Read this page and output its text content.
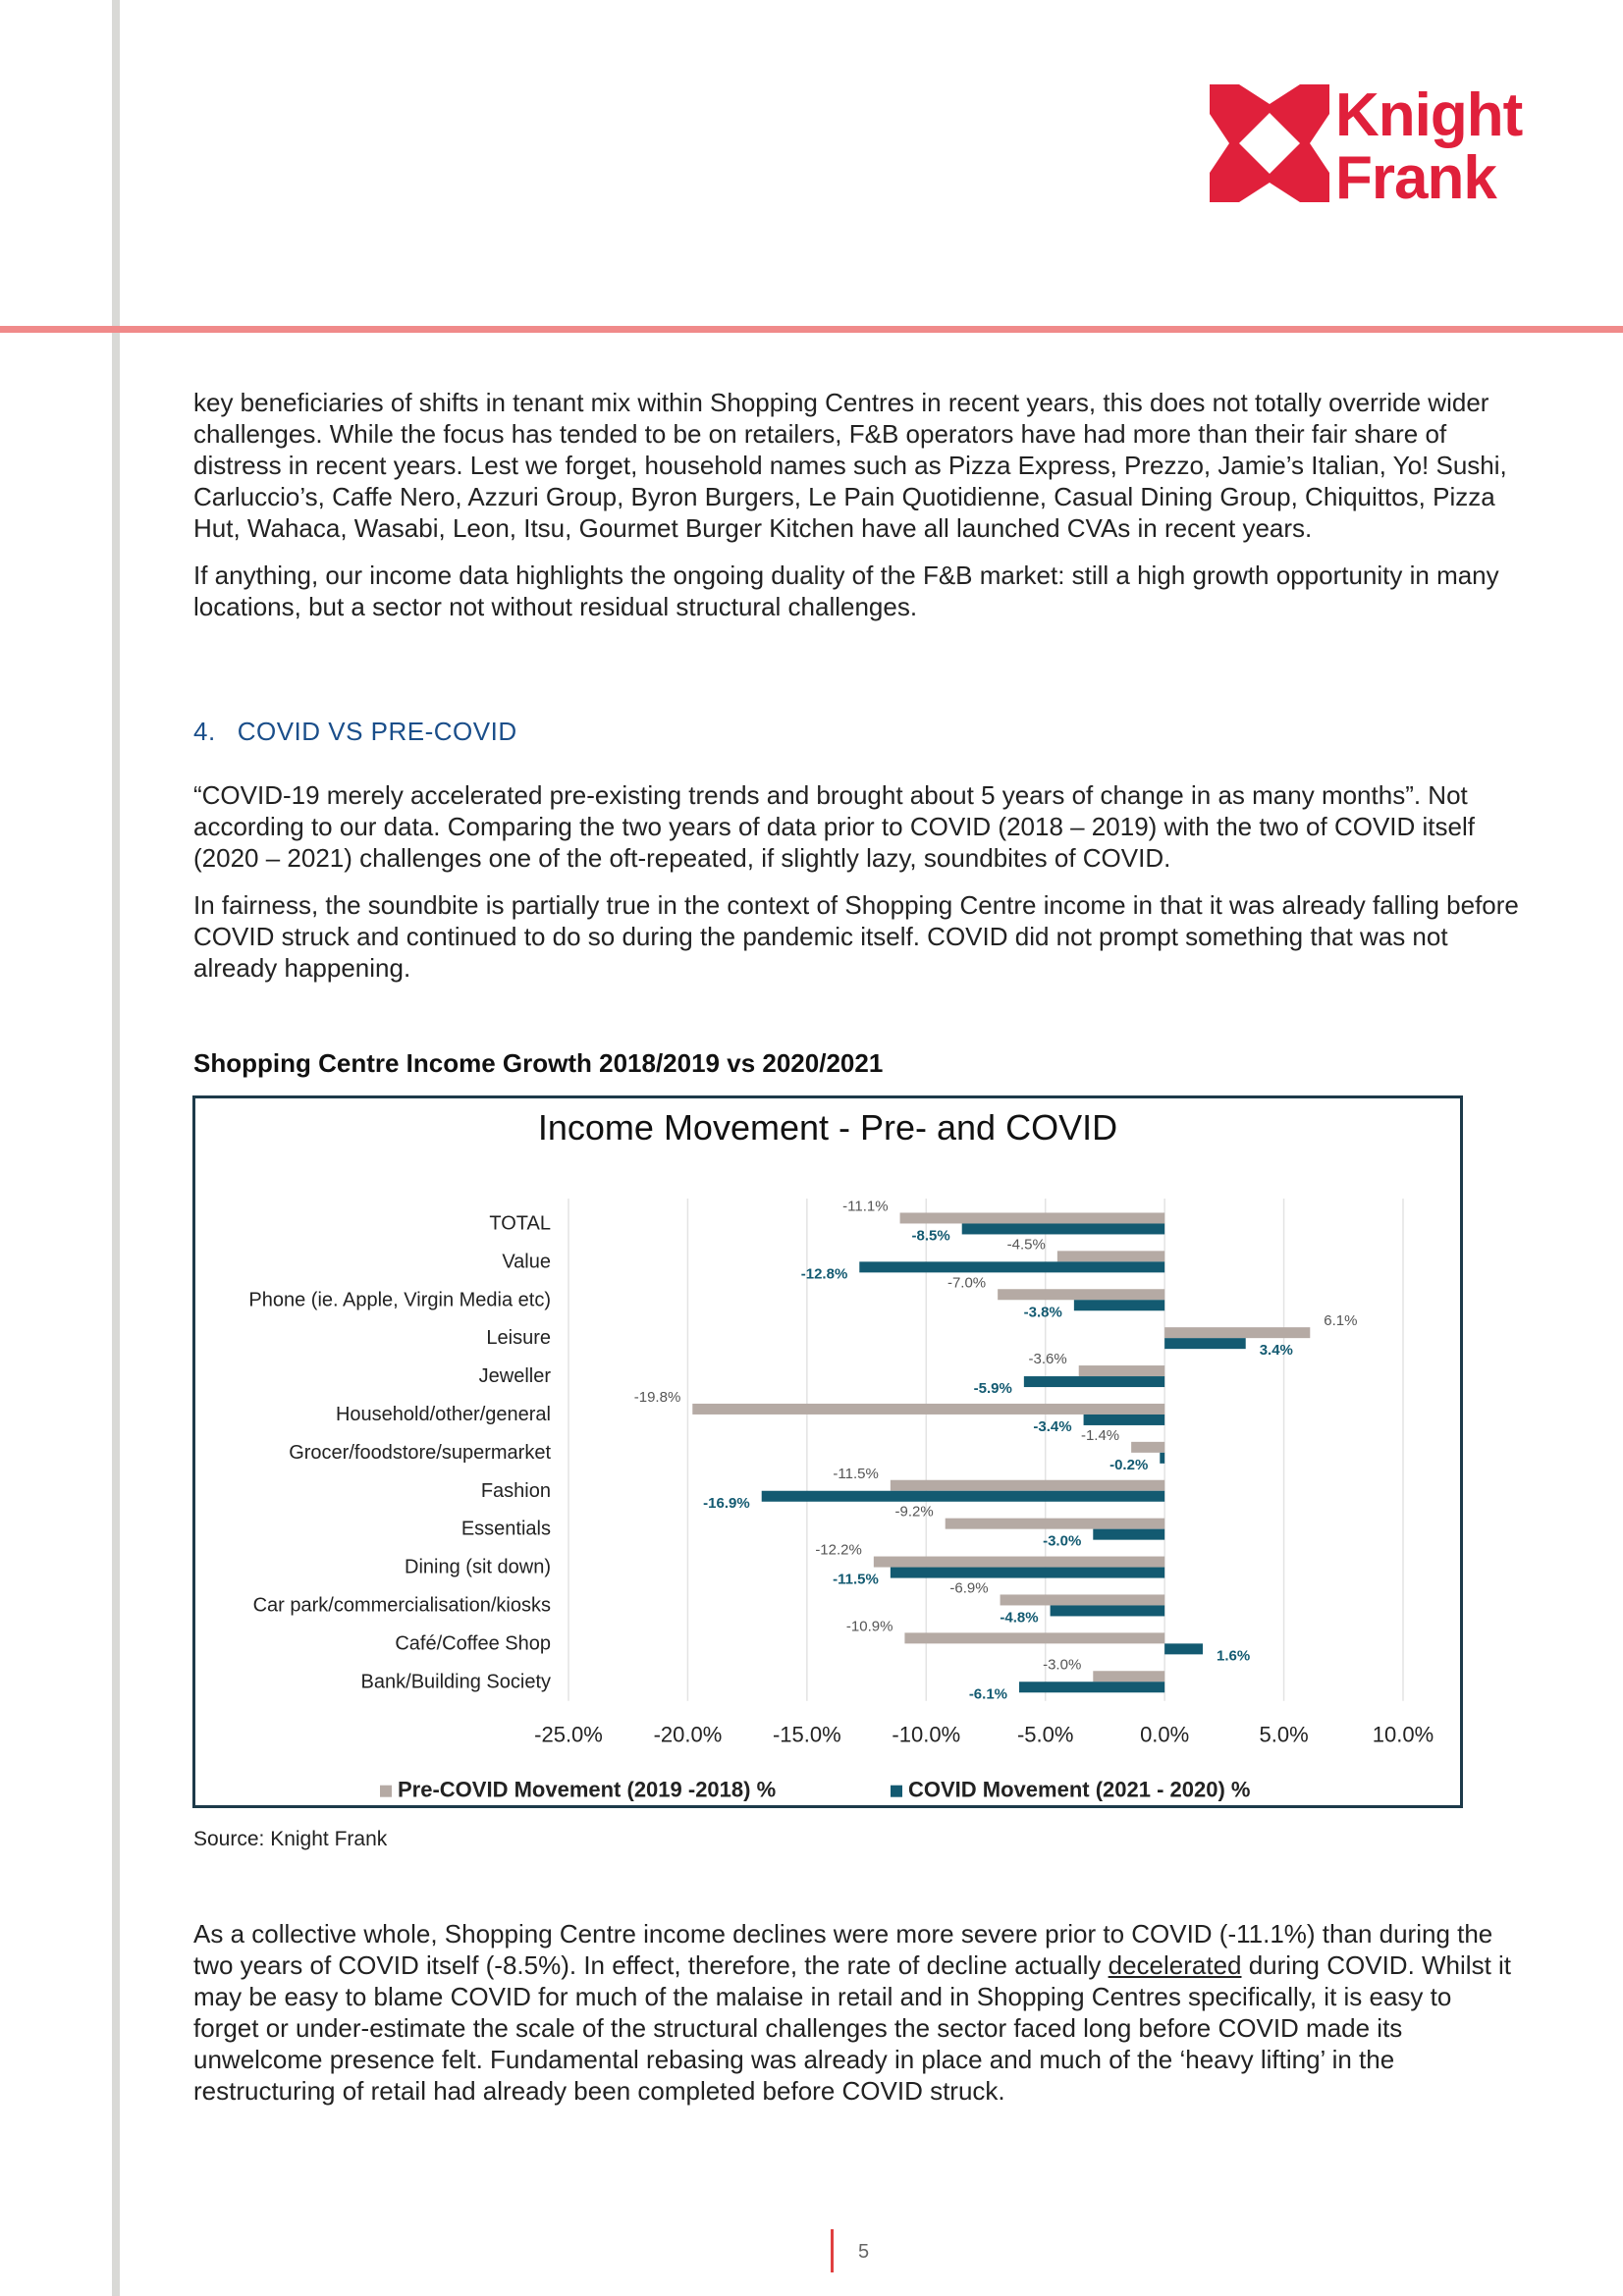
Knight
Frank

key beneficiaries of shifts in tenant mix within Shopping Centres in recent years, this does not totally override wider challenges. While the focus has tended to be on retailers, F&B operators have had more than their fair share of distress in recent years. Lest we forget, household names such as Pizza Express, Prezzo, Jamie’s Italian, Yo! Sushi, Carluccio’s, Caffe Nero, Azzuri Group, Byron Burgers, Le Pain Quotidienne, Casual Dining Group, Chiquittos, Pizza Hut, Wahaca, Wasabi, Leon, Itsu, Gourmet Burger Kitchen have all launched CVAs in recent years.

If anything, our income data highlights the ongoing duality of the F&B market: still a high growth opportunity in many locations, but a sector not without residual structural challenges.

4. COVID VS PRE-COVID

“COVID-19 merely accelerated pre-existing trends and brought about 5 years of change in as many months”. Not according to our data. Comparing the two years of data prior to COVID (2018 – 2019) with the two of COVID itself (2020 – 2021) challenges one of the oft-repeated, if slightly lazy, soundbites of COVID.

In fairness, the soundbite is partially true in the context of Shopping Centre income in that it was already falling before COVID struck and continued to do so during the pandemic itself. COVID did not prompt something that was not already happening.

Shopping Centre Income Growth 2018/2019 vs 2020/2021
Income Movement - Pre- and COVID
-25.0% -20.0% -15.0% -10.0%	-5.0%	0.0%	5.0%	10.0%
TOTAL
-11.1%
-8.5%
Value
-4.5%
-12.8%
Phone (ie. Apple, Virgin Media etc)
-7.0%
-3.8%
Leisure
6.1%
3.4%
Jeweller
-3.6%
-5.9%
Household/other/general
-19.8%
-3.4%
Grocer/foodstore/supermarket
-1.4%
-0.2%
Fashion
-11.5%
-16.9%
Essentials
-9.2%
-3.0%
Dining (sit down)
-12.2%
-11.5%
Car park/commercialisation/kiosks
-6.9%
-4.8%
Café/Coffee Shop
-10.9%
1.6%
Bank/Building Society
-3.0%
-6.1%
Pre-COVID Movement (2019 -2018) %	COVID Movement (2021 - 2020) %
Source: Knight Frank

As a collective whole, Shopping Centre income declines were more severe prior to COVID (-11.1%) than during the two years of COVID itself (-8.5%). In effect, therefore, the rate of decline actually decelerated during COVID. Whilst it may be easy to blame COVID for much of the malaise in retail and in Shopping Centres specifically, it is easy to forget or under-estimate the scale of the structural challenges the sector faced long before COVID made its unwelcome presence felt. Fundamental rebasing was already in place and much of the ‘heavy lifting’ in the restructuring of retail had already been completed before COVID struck.

5
